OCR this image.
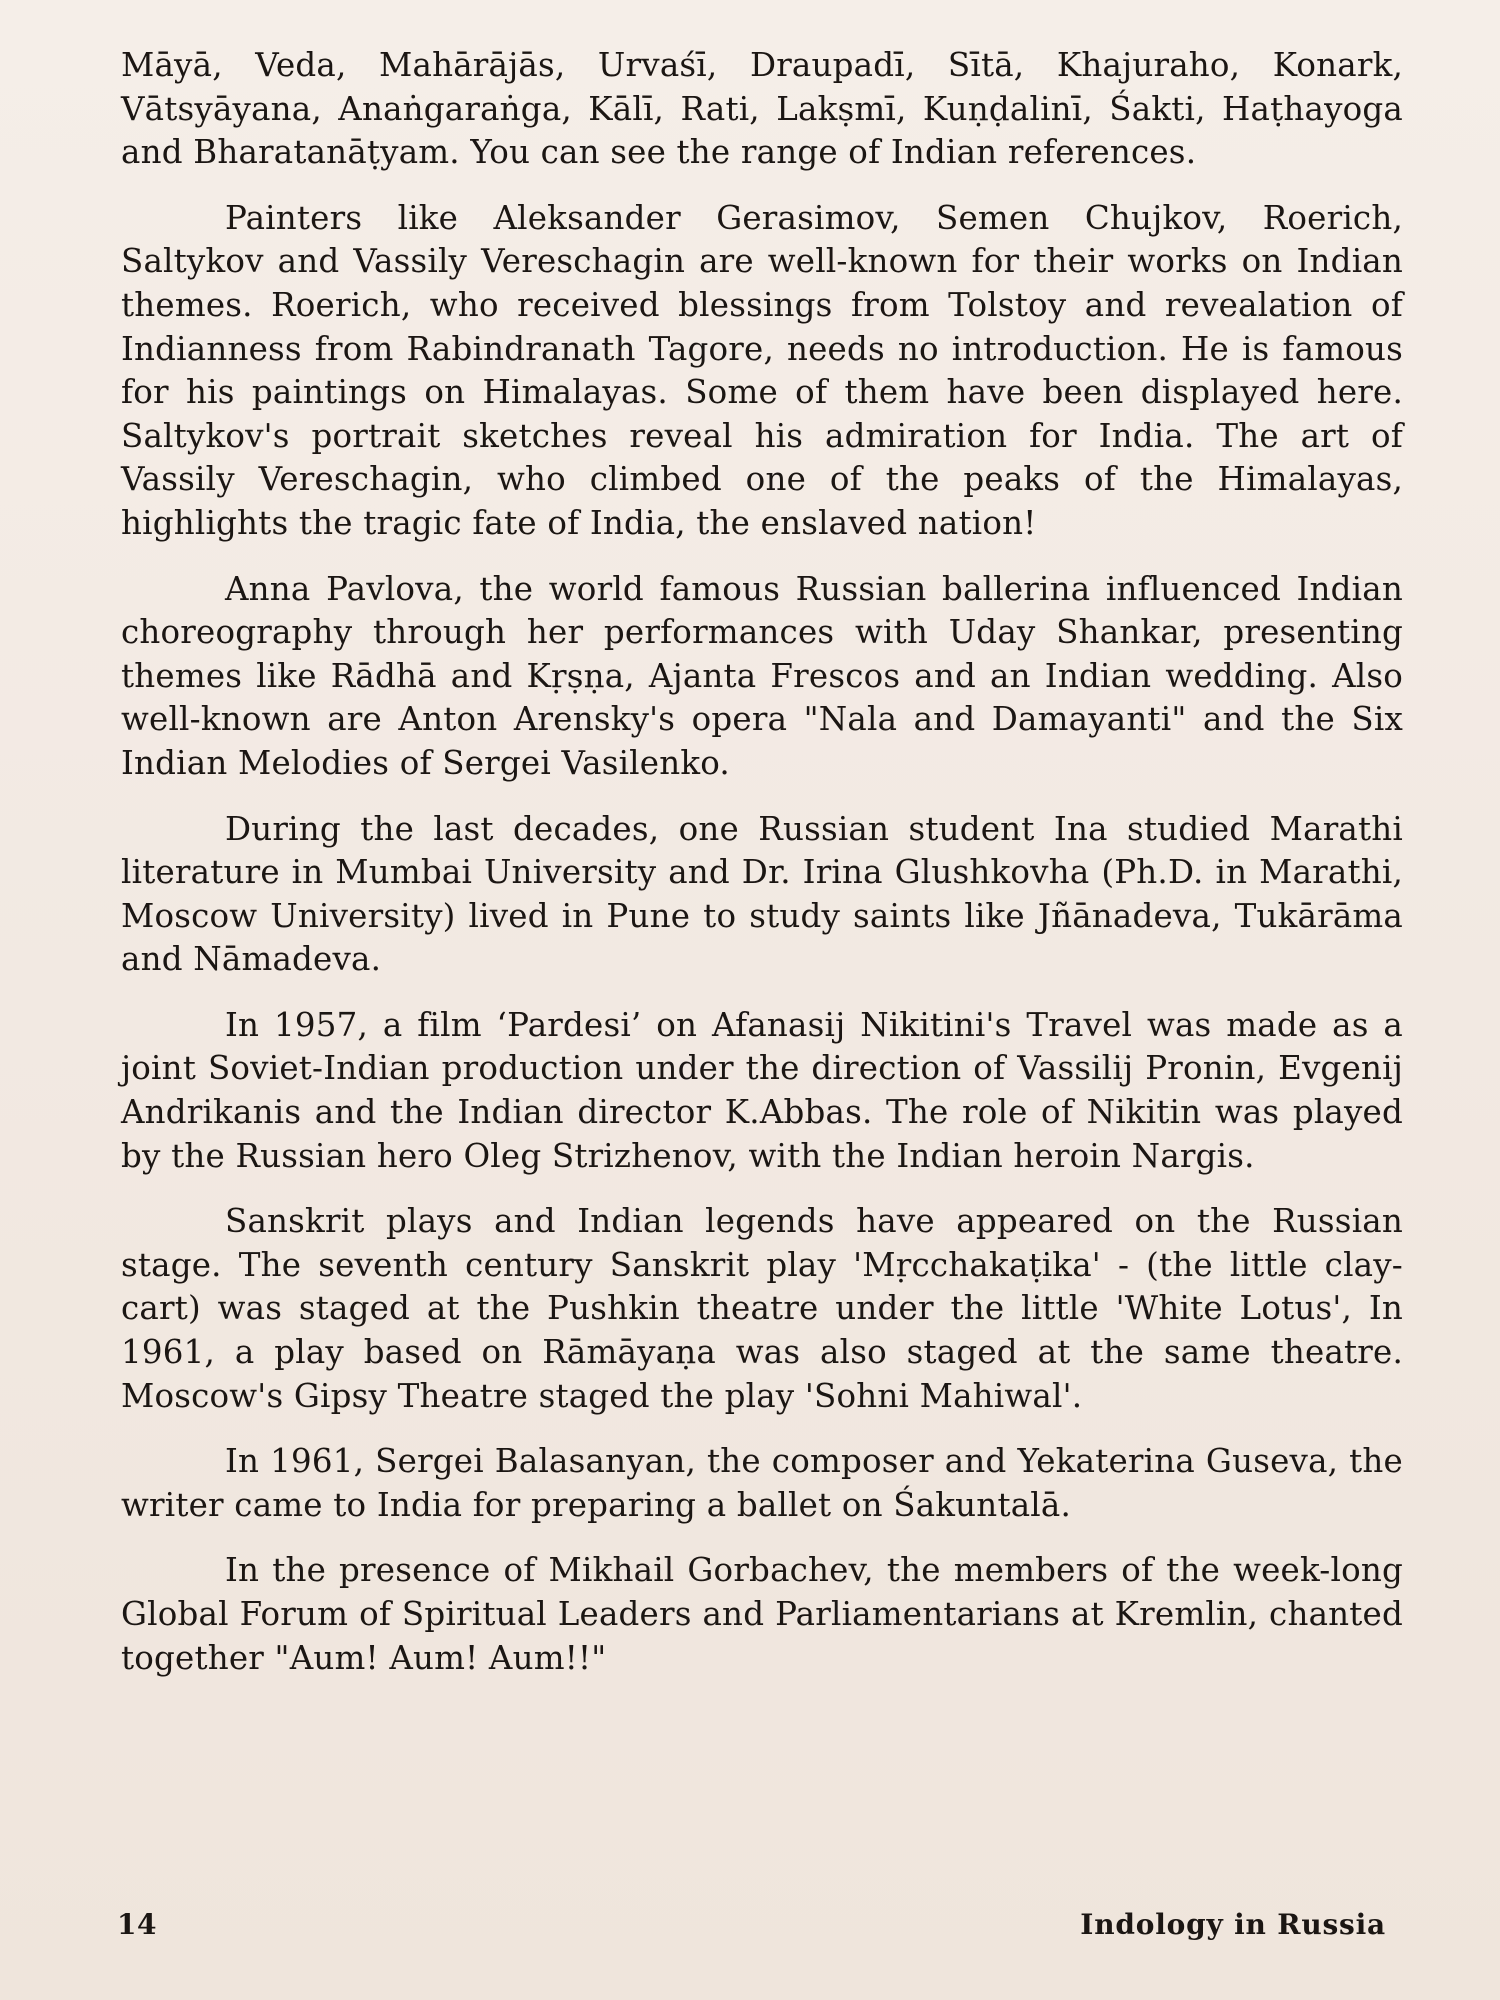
Māyā, Veda, Mahārājās, Urvaśī, Draupadī, Sītā, Khajuraho, Konark, Vātsyāyana, Anaṅgaraṅga, Kālī, Rati, Lakṣmī, Kuṇḍalinī, Śakti, Haṭhayoga and Bharatanāṭyam. You can see the range of Indian references.

Painters like Aleksander Gerasimov, Semen Chujkov, Roerich, Saltykov and Vassily Vereschagin are well-known for their works on Indian themes. Roerich, who received blessings from Tolstoy and revealation of Indianness from Rabindranath Tagore, needs no introduction. He is famous for his paintings on Himalayas. Some of them have been displayed here. Saltykov's portrait sketches reveal his admiration for India. The art of Vassily Vereschagin, who climbed one of the peaks of the Himalayas, highlights the tragic fate of India, the enslaved nation!

Anna Pavlova, the world famous Russian ballerina influenced Indian choreography through her performances with Uday Shankar, presenting themes like Rādhā and Kṛṣṇa, Ajanta Frescos and an Indian wedding. Also well-known are Anton Arensky's opera "Nala and Damayanti" and the Six Indian Melodies of Sergei Vasilenko.

During the last decades, one Russian student Ina studied Marathi literature in Mumbai University and Dr. Irina Glushkovha (Ph.D. in Marathi, Moscow University) lived in Pune to study saints like Jñānadeva, Tukārāma and Nāmadeva.

In 1957, a film ‘Pardesi’ on Afanasij Nikitini's Travel was made as a joint Soviet-Indian production under the direction of Vassilij Pronin, Evgenij Andrikanis and the Indian director K.Abbas. The role of Nikitin was played by the Russian hero Oleg Strizhenov, with the Indian heroin Nargis.

Sanskrit plays and Indian legends have appeared on the Russian stage. The seventh century Sanskrit play 'Mṛcchakaṭika' - (the little clay-cart) was staged at the Pushkin theatre under the little 'White Lotus', In 1961, a play based on Rāmāyaṇa was also staged at the same theatre. Moscow's Gipsy Theatre staged the play 'Sohni Mahiwal'.

In 1961, Sergei Balasanyan, the composer and Yekaterina Guseva, the writer came to India for preparing a ballet on Śakuntalā.

In the presence of Mikhail Gorbachev, the members of the week-long Global Forum of Spiritual Leaders and Parliamentarians at Kremlin, chanted together "Aum! Aum! Aum!!"

14	Indology in Russia
